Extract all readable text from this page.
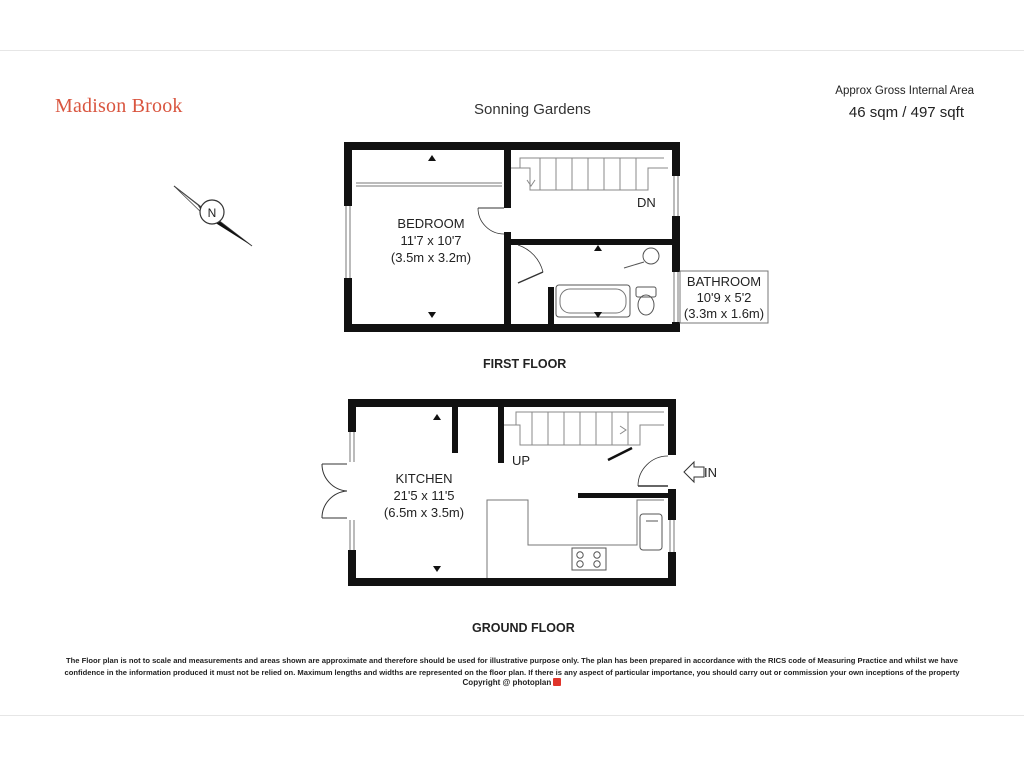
Madison Brook	Sonning Gardens
Approx Gross Internal Area
46 sqm / 497 sqft
N
BEDROOM
11'7 x 10'7
(3.5m x 3.2m)
DN
BATHROOM
10'9 x 5'2
(3.3m x 1.6m)
IN
KITCHEN
21'5 x 11'5
(6.5m x 3.5m)
UP
FIRST FLOOR
GROUND FLOOR
The Floor plan is not to scale and measurements and areas shown are approximate and therefore should be used for illustrative purpose only. The plan has been prepared in accordance with the RICS code of Measuring Practice and whilst we have
confidence in the information produced it must not be relied on. Maximum lengths and widths are represented on the floor plan. If there is any aspect of particular importance, you should carry out or commission your own inceptions of the property
Copyright @ photoplan
